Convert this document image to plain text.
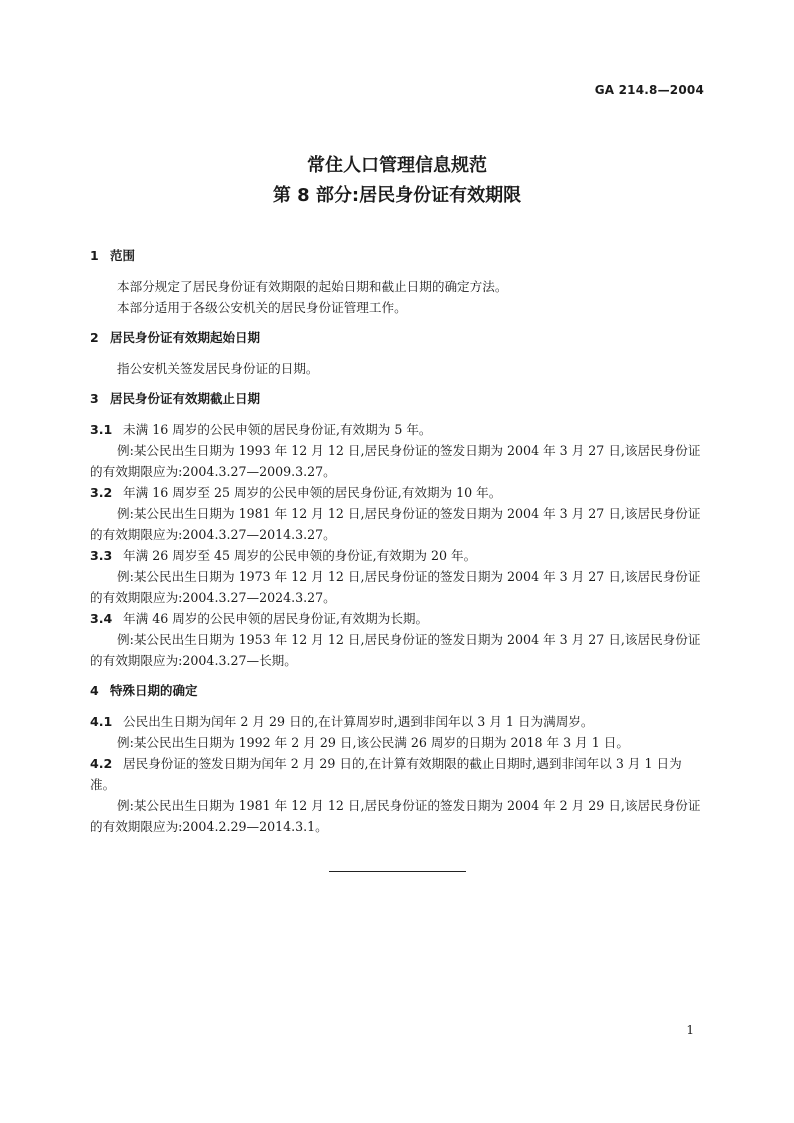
GA 214.8—2004
常住人口管理信息规范
第 8 部分:居民身份证有效期限
1 范围

本部分规定了居民身份证有效期限的起始日期和截止日期的确定方法。

本部分适用于各级公安机关的居民身份证管理工作。

2 居民身份证有效期起始日期

指公安机关签发居民身份证的日期。

3 居民身份证有效期截止日期

3.1 未满 16 周岁的公民申领的居民身份证,有效期为 5 年。

例:某公民出生日期为 1993 年 12 月 12 日,居民身份证的签发日期为 2004 年 3 月 27 日,该居民身份证的有效期限应为:2004.3.27—2009.3.27。

3.2 年满 16 周岁至 25 周岁的公民申领的居民身份证,有效期为 10 年。

例:某公民出生日期为 1981 年 12 月 12 日,居民身份证的签发日期为 2004 年 3 月 27 日,该居民身份证的有效期限应为:2004.3.27—2014.3.27。

3.3 年满 26 周岁至 45 周岁的公民申领的身份证,有效期为 20 年。

例:某公民出生日期为 1973 年 12 月 12 日,居民身份证的签发日期为 2004 年 3 月 27 日,该居民身份证的有效期限应为:2004.3.27—2024.3.27。

3.4 年满 46 周岁的公民申领的居民身份证,有效期为长期。

例:某公民出生日期为 1953 年 12 月 12 日,居民身份证的签发日期为 2004 年 3 月 27 日,该居民身份证的有效期限应为:2004.3.27—长期。

4 特殊日期的确定

4.1 公民出生日期为闰年 2 月 29 日的,在计算周岁时,遇到非闰年以 3 月 1 日为满周岁。

例:某公民出生日期为 1992 年 2 月 29 日,该公民满 26 周岁的日期为 2018 年 3 月 1 日。

4.2 居民身份证的签发日期为闰年 2 月 29 日的,在计算有效期限的截止日期时,遇到非闰年以 3 月 1 日为准。

例:某公民出生日期为 1981 年 12 月 12 日,居民身份证的签发日期为 2004 年 2 月 29 日,该居民身份证的有效期限应为:2004.2.29—2014.3.1。

1
